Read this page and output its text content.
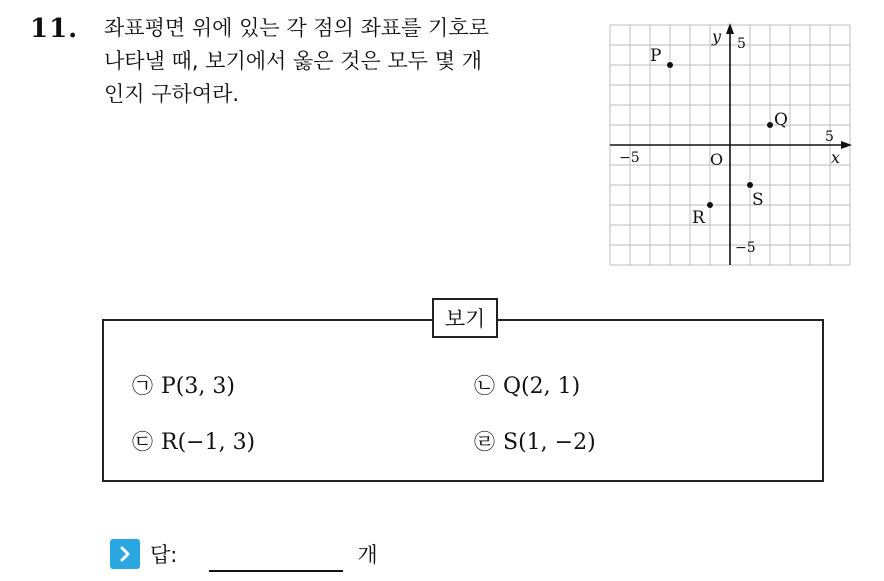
11. 좌표평면 위에 있는 각 점의 좌표를 기호로
나타낼 때, 보기에서 옳은 것은 모두 몇 개
인지 구하여라.
x
y
O
−5
5
5
−5
P
Q
R
S
보기
㉠ P(3, 3)	㉡ Q(2, 1)
㉢ R(−1, 3)	㉣ S(1, −2)
답:	개
